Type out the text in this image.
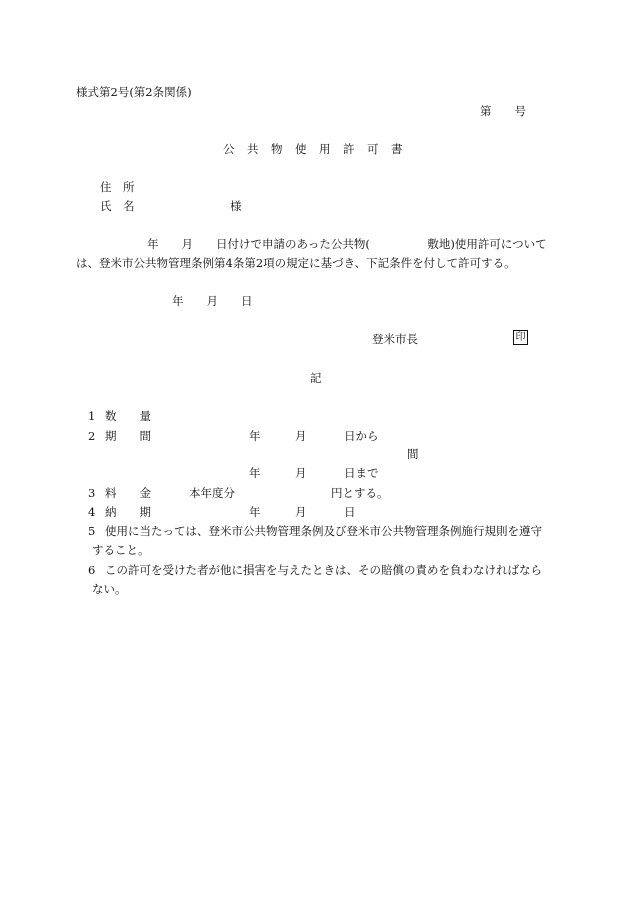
様式第2号(第2条関係)
第　　号
公共物使用許可書
住　所
氏　名	様
年　　月　　日付けで申請のあった公共物(　　　　　敷地)使用許可について
は、登米市公共物管理条例第4条第2項の規定に基づき、下記条件を付して許可する。
年　　月　　日
登米市長	印
記
1 数　　量
2 期　　間	年　　　月	日から
間
年　　　月	日まで
3 料　　金	本年度分	円とする。
4 納　　期	年　　　月	日
5 使用に当たっては、登米市公共物管理条例及び登米市公共物管理条例施行規則を遵守
すること。
6 この許可を受けた者が他に損害を与えたときは、その賠償の責めを負わなければなら
ない。
